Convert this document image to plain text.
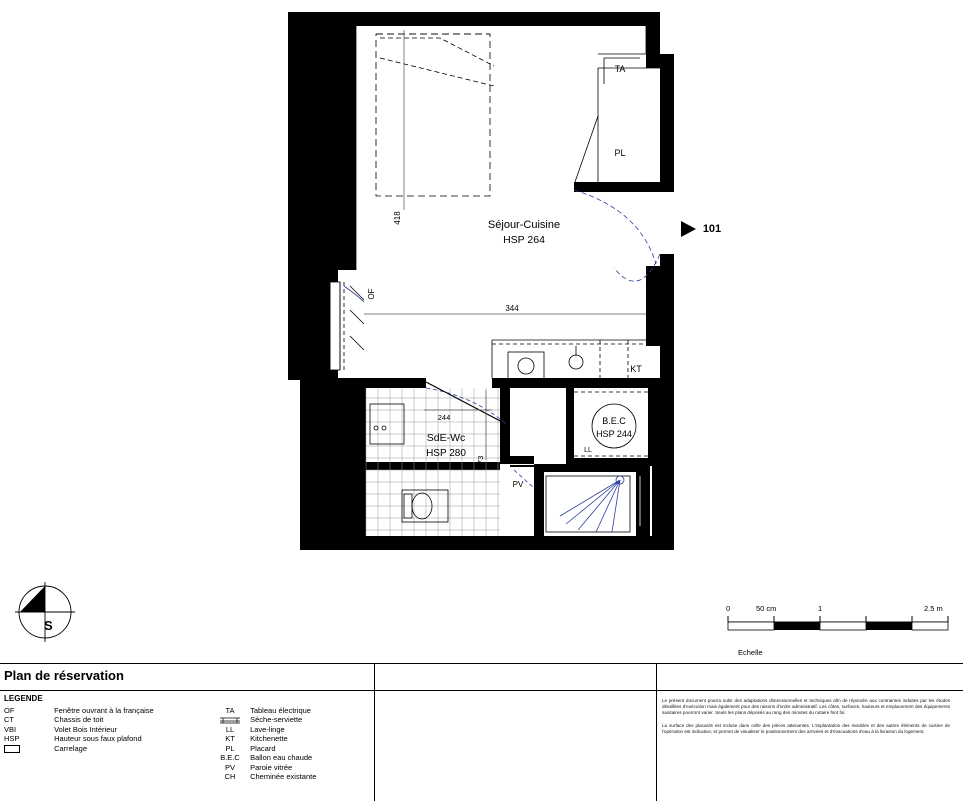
Séjour-Cuisine
HSP 264
SdE-Wc
HSP 280
418
344
244
173
TA
PL
OF
KT
PV
LL
B.E.C
HSP 244
101
S
0	50 cm	1	2.5 m
Echelle
Plan de réservation
LEGENDE
OF	Fenêtre ouvrant à la française
CT	Chassis de toit
VBI	Volet Bois Intérieur
HSP	Hauteur sous faux plafond
Carrelage
TA Tableau électrique
Sèche-serviette
LL Lave-linge
KT Kitchenette
PL Placard
B.E.C Ballon eau chaude
PV Paroie vitrée
CH Cheminée existante

Le présent document pourra subir des adaptations dimensionnelles et techniques afin de répondre aux contraintes induites par les études détaillées d'exécution mais également pour des raisons d'ordre administratif. Les côtes, surfaces, hauteurs et emplacement des équipements sanitaires pourront varier. Seuls les plans déposés au rang des minutes du notaire font foi.

La surface des placards est incluse dans celle des pièces attenantes. L'implantation des meubles et des autres éléments de cuisine de l'opération est indicative, et permet de visualiser le positionnement des arrivées et d'évacuations d'eau à la livraison du logement.
